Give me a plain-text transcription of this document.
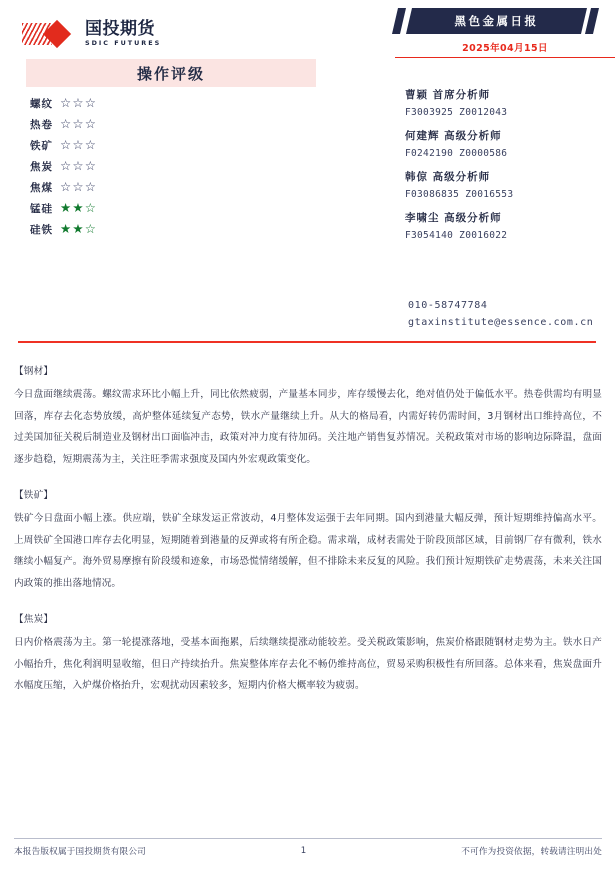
国投期货
SDIC FUTURES
操作评级
螺纹 ☆☆☆
热卷 ☆☆☆
铁矿 ☆☆☆
焦炭 ☆☆☆
焦煤 ☆☆☆
锰硅 ★★☆
硅铁 ★★☆
黑色金属日报
2025年04月15日
曹颖 首席分析师
F3003925 Z0012043
何建辉 高级分析师
F0242190 Z0000586
韩倞 高级分析师
F03086835 Z0016553
李啸尘 高级分析师
F3054140 Z0016022
010-58747784
gtaxinstitute@essence.com.cn
【钢材】
今日盘面继续震荡。螺纹需求环比小幅上升，同比依然疲弱，产量基本同步，库存缓慢去化，绝对值仍处于偏低水平。热卷供需均有明显回落，库存去化态势放缓，高炉整体延续复产态势，铁水产量继续上升。从大的格局看，内需好转仍需时间，3月钢材出口维持高位，不过美国加征关税后制造业及钢材出口面临冲击，政策对冲力度有待加码。关注地产销售复苏情况。关税政策对市场的影响边际降温，盘面逐步趋稳，短期震荡为主，关注旺季需求强度及国内外宏观政策变化。
【铁矿】
铁矿今日盘面小幅上涨。供应端，铁矿全球发运正常波动，4月整体发运强于去年同期。国内到港量大幅反弹，预计短期维持偏高水平。上周铁矿全国港口库存去化明显，短期随着到港量的反弹或将有所企稳。需求端，成材表需处于阶段顶部区域，目前钢厂存有微利，铁水继续小幅复产。海外贸易摩擦有阶段缓和迹象，市场恐慌情绪缓解，但不排除未来反复的风险。我们预计短期铁矿走势震荡，未来关注国内政策的推出落地情况。
【焦炭】
日内价格震荡为主。第一轮提涨落地，受基本面拖累，后续继续提涨动能较差。受关税政策影响，焦炭价格跟随钢材走势为主。铁水日产小幅抬升，焦化利润明显收缩，但日产持续抬升。焦炭整体库存去化不畅仍维持高位，贸易采购积极性有所回落。总体来看，焦炭盘面升水幅度压缩，入炉煤价格抬升，宏观扰动因素较多，短期内价格大概率较为疲弱。
本报告版权属于国投期货有限公司	1	不可作为投资依据，转载请注明出处
